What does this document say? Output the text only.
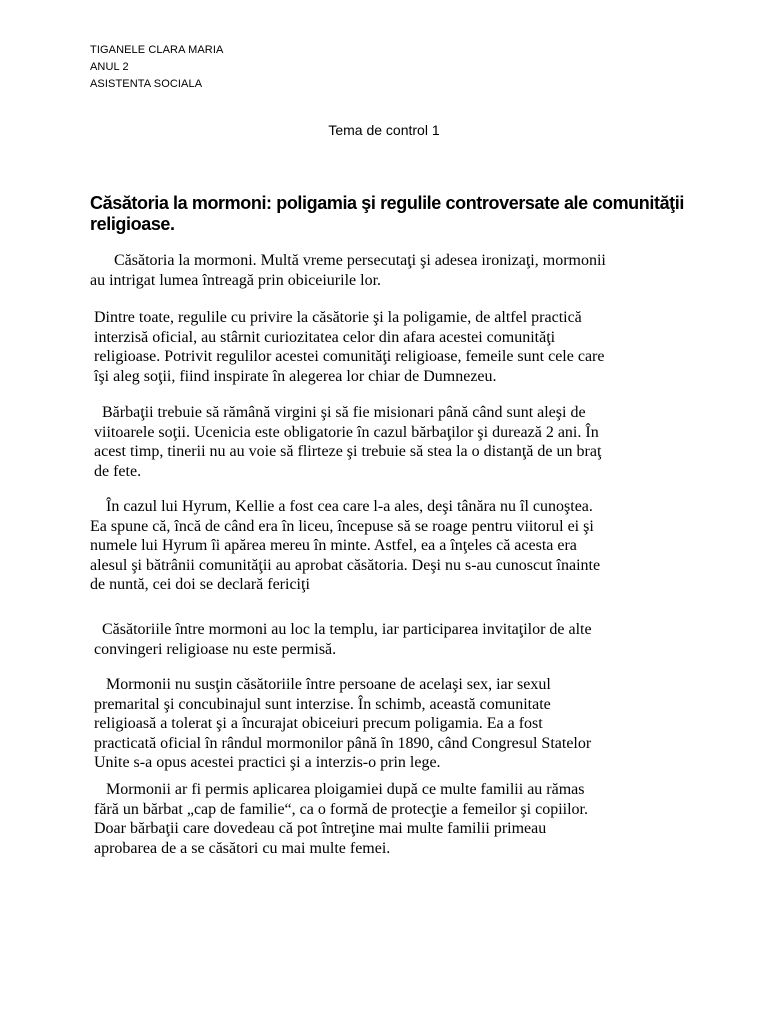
TIGANELE CLARA MARIA
ANUL 2
ASISTENTA SOCIALA
Tema de control 1
Căsătoria la mormoni: poligamia şi regulile controversate ale comunităţii
religioase.

Căsătoria la mormoni. Multă vreme persecutaţi şi adesea ironizaţi, mormonii
au intrigat lumea întreagă prin obiceiurile lor.

Dintre toate, regulile cu privire la căsătorie şi la poligamie, de altfel practică
interzisă oficial, au stârnit curiozitatea celor din afara acestei comunităţi
religioase. Potrivit regulilor acestei comunităţi religioase, femeile sunt cele care
îşi aleg soţii, fiind inspirate în alegerea lor chiar de Dumnezeu.

Bărbaţii trebuie să rămână virgini şi să fie misionari până când sunt aleşi de
viitoarele soţii. Ucenicia este obligatorie în cazul bărbaţilor şi durează 2 ani. În
acest timp, tinerii nu au voie să flirteze şi trebuie să stea la o distanţă de un braţ
de fete.

În cazul lui Hyrum, Kellie a fost cea care l-a ales, deşi tânăra nu îl cunoştea.
Ea spune că, încă de când era în liceu, începuse să se roage pentru viitorul ei şi
numele lui Hyrum îi apărea mereu în minte. Astfel, ea a înţeles că acesta era
alesul şi bătrânii comunităţii au aprobat căsătoria. Deşi nu s-au cunoscut înainte
de nuntă, cei doi se declară fericiţi

Căsătoriile între mormoni au loc la templu, iar participarea invitaţilor de alte
convingeri religioase nu este permisă.

Mormonii nu susţin căsătoriile între persoane de acelaşi sex, iar sexul
premarital şi concubinajul sunt interzise. În schimb, această comunitate
religioasă a tolerat şi a încurajat obiceiuri precum poligamia. Ea a fost
practicată oficial în rândul mormonilor până în 1890, când Congresul Statelor
Unite s-a opus acestei practici şi a interzis-o prin lege.

Mormonii ar fi permis aplicarea ploigamiei după ce multe familii au rămas
fără un bărbat „cap de familie“, ca o formă de protecţie a femeilor şi copiilor.
Doar bărbaţii care dovedeau că pot întreţine mai multe familii primeau
aprobarea de a se căsători cu mai multe femei.
